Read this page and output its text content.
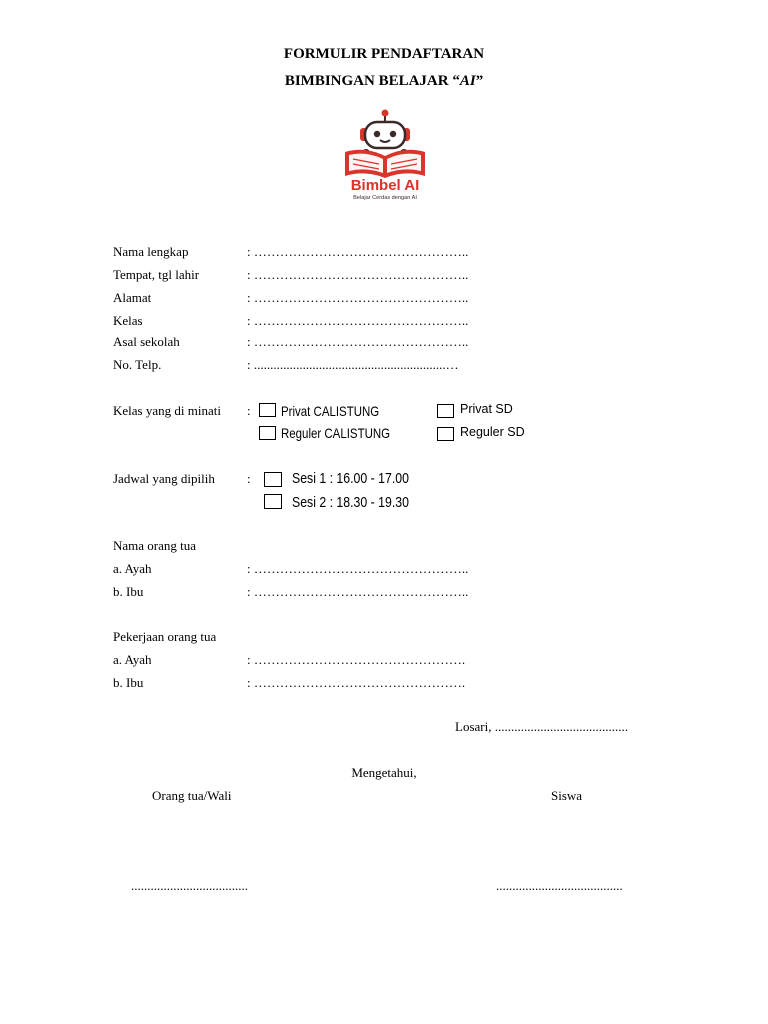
FORMULIR PENDAFTARAN
BIMBINGAN BELAJAR “AI”
Bimbel AI
Belajar Cerdas dengan AI
Nama lengkap	: …………………………………………..
Tempat, tgl lahir	: …………………………………………..
Alamat	: …………………………………………..
Kelas	: …………………………………………..
Asal sekolah	: …………………………………………..
No. Telp.	: ...........................................................…
Kelas yang di minati : Privat CALISTUNG
Reguler CALISTUNG
Privat SD
Reguler SD
Jadwal yang dipilih :	Sesi 1 : 16.00 - 17.00
Sesi 2 : 18.30 - 19.30
Nama orang tua
a. Ayah	: …………………………………………..
b. Ibu	: …………………………………………..
Pekerjaan orang tua
a. Ayah	: ………………………………………….
b. Ibu	: ………………………………………….
Losari, .........................................
Mengetahui,
Orang tua/Wali	Siswa
....................................	.......................................
